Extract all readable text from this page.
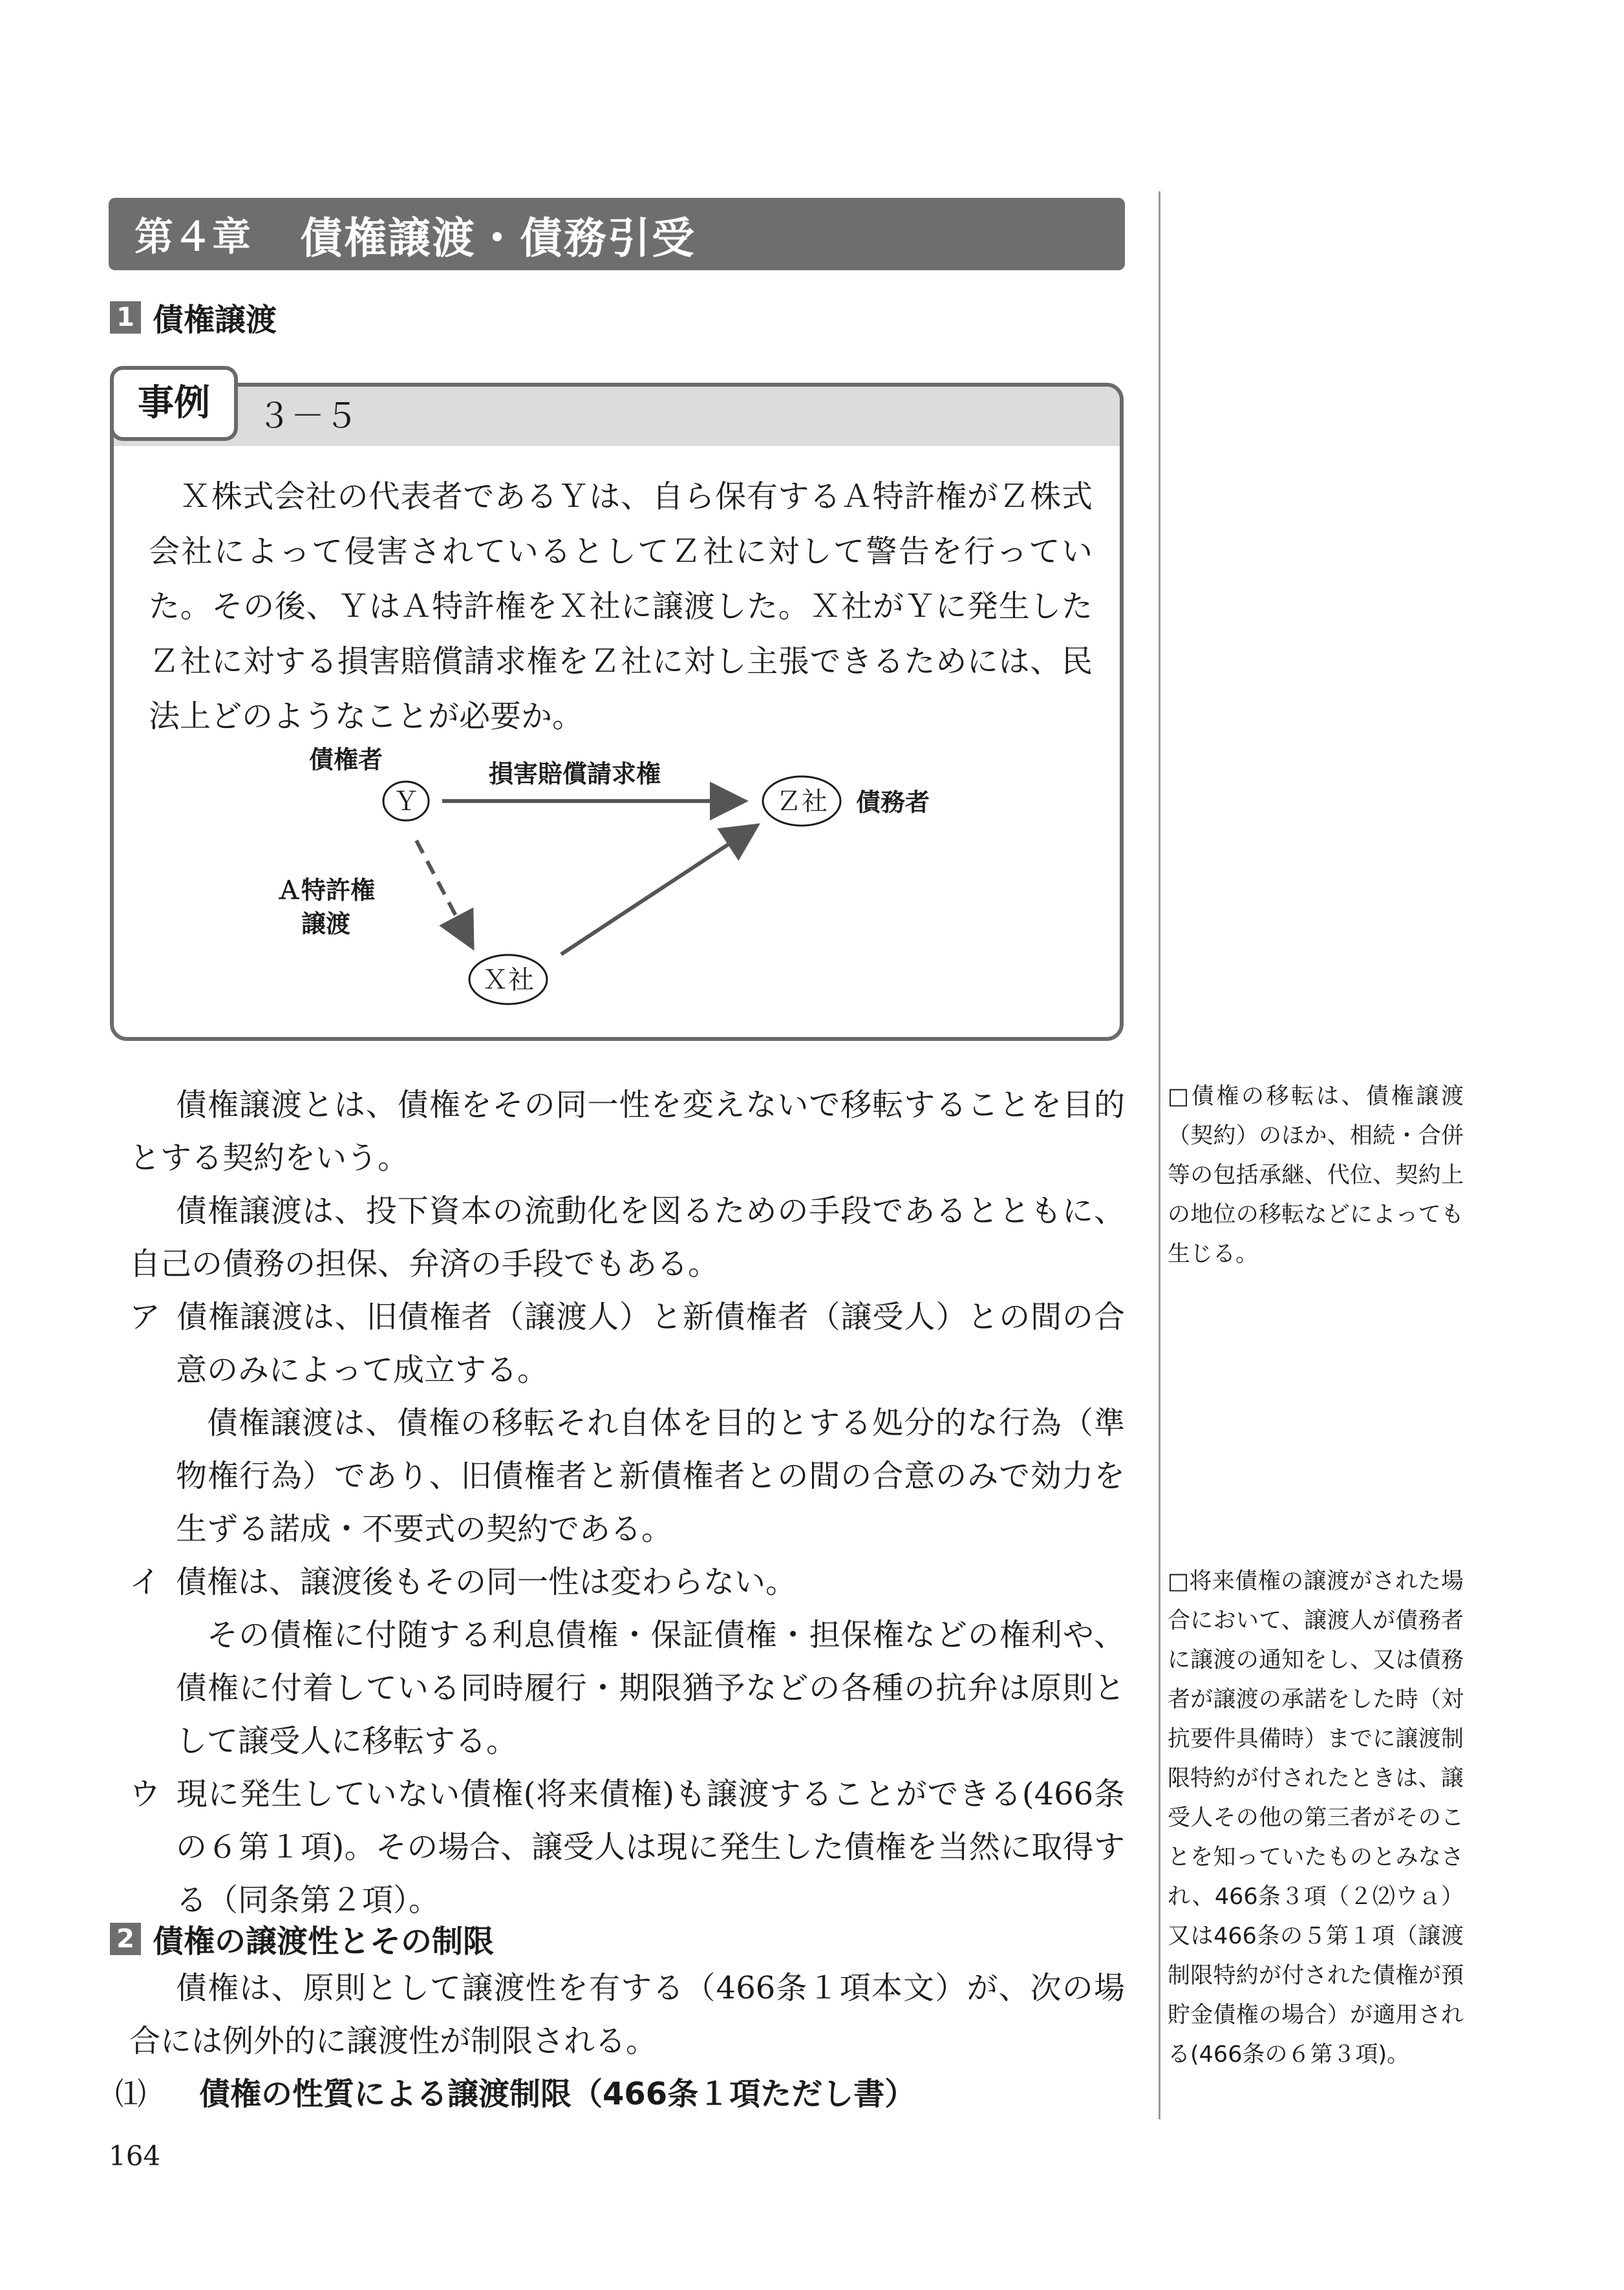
第４章 債権譲渡・債務引受
1 債権譲渡
３－５

Ｘ株式会社の代表者であるＹは、自ら保有するＡ特許権がＺ株式会社によって侵害されているとしてＺ社に対して警告を行っていた。その後、ＹはＡ特許権をＸ社に譲渡した。Ｘ社がＹに発生したＺ社に対する損害賠償請求権をＺ社に対し主張できるためには、民法上どのようなことが必要か。

債権者
Ｙ
損害賠償請求権
Ｚ社 債務者
Ａ特許権
譲渡
Ｘ社
事例

債権譲渡とは、債権をその同一性を変えないで移転することを目的とする契約をいう。

債権譲渡は、投下資本の流動化を図るための手段であるとともに、自己の債務の担保、弁済の手段でもある。

ア 債権譲渡は、旧債権者（譲渡人）と新債権者（譲受人）との間の合意のみによって成立する。

債権譲渡は、債権の移転それ自体を目的とする処分的な行為（準物権行為）であり、旧債権者と新債権者との間の合意のみで効力を生ずる諾成・不要式の契約である。

イ 債権は、譲渡後もその同一性は変わらない。

その債権に付随する利息債権・保証債権・担保権などの権利や、債権に付着している同時履行・期限猶予などの各種の抗弁は原則として譲受人に移転する。

ウ 現に発生していない債権(将来債権)も譲渡することができる(466条の６第１項)。その場合、譲受人は現に発生した債権を当然に取得する（同条第２項）。

2 債権の譲渡性とその制限

債権は、原則として譲渡性を有する（466条１項本文）が、次の場合には例外的に譲渡性が制限される。

⑴	債権の性質による譲渡制限（466条１項ただし書）
□債権の移転は、債権譲渡（契約）のほか、相続・合併等の包括承継、代位、契約上の地位の移転などによっても生じる。
□将来債権の譲渡がされた場合において、譲渡人が債務者に譲渡の通知をし、又は債務者が譲渡の承諾をした時（対抗要件具備時）までに譲渡制限特約が付されたときは、譲受人その他の第三者がそのことを知っていたものとみなされ、466条３項（２⑵ウａ）又は466条の５第１項（譲渡制限特約が付された債権が預貯金債権の場合）が適用される(466条の６第３項)。
164
